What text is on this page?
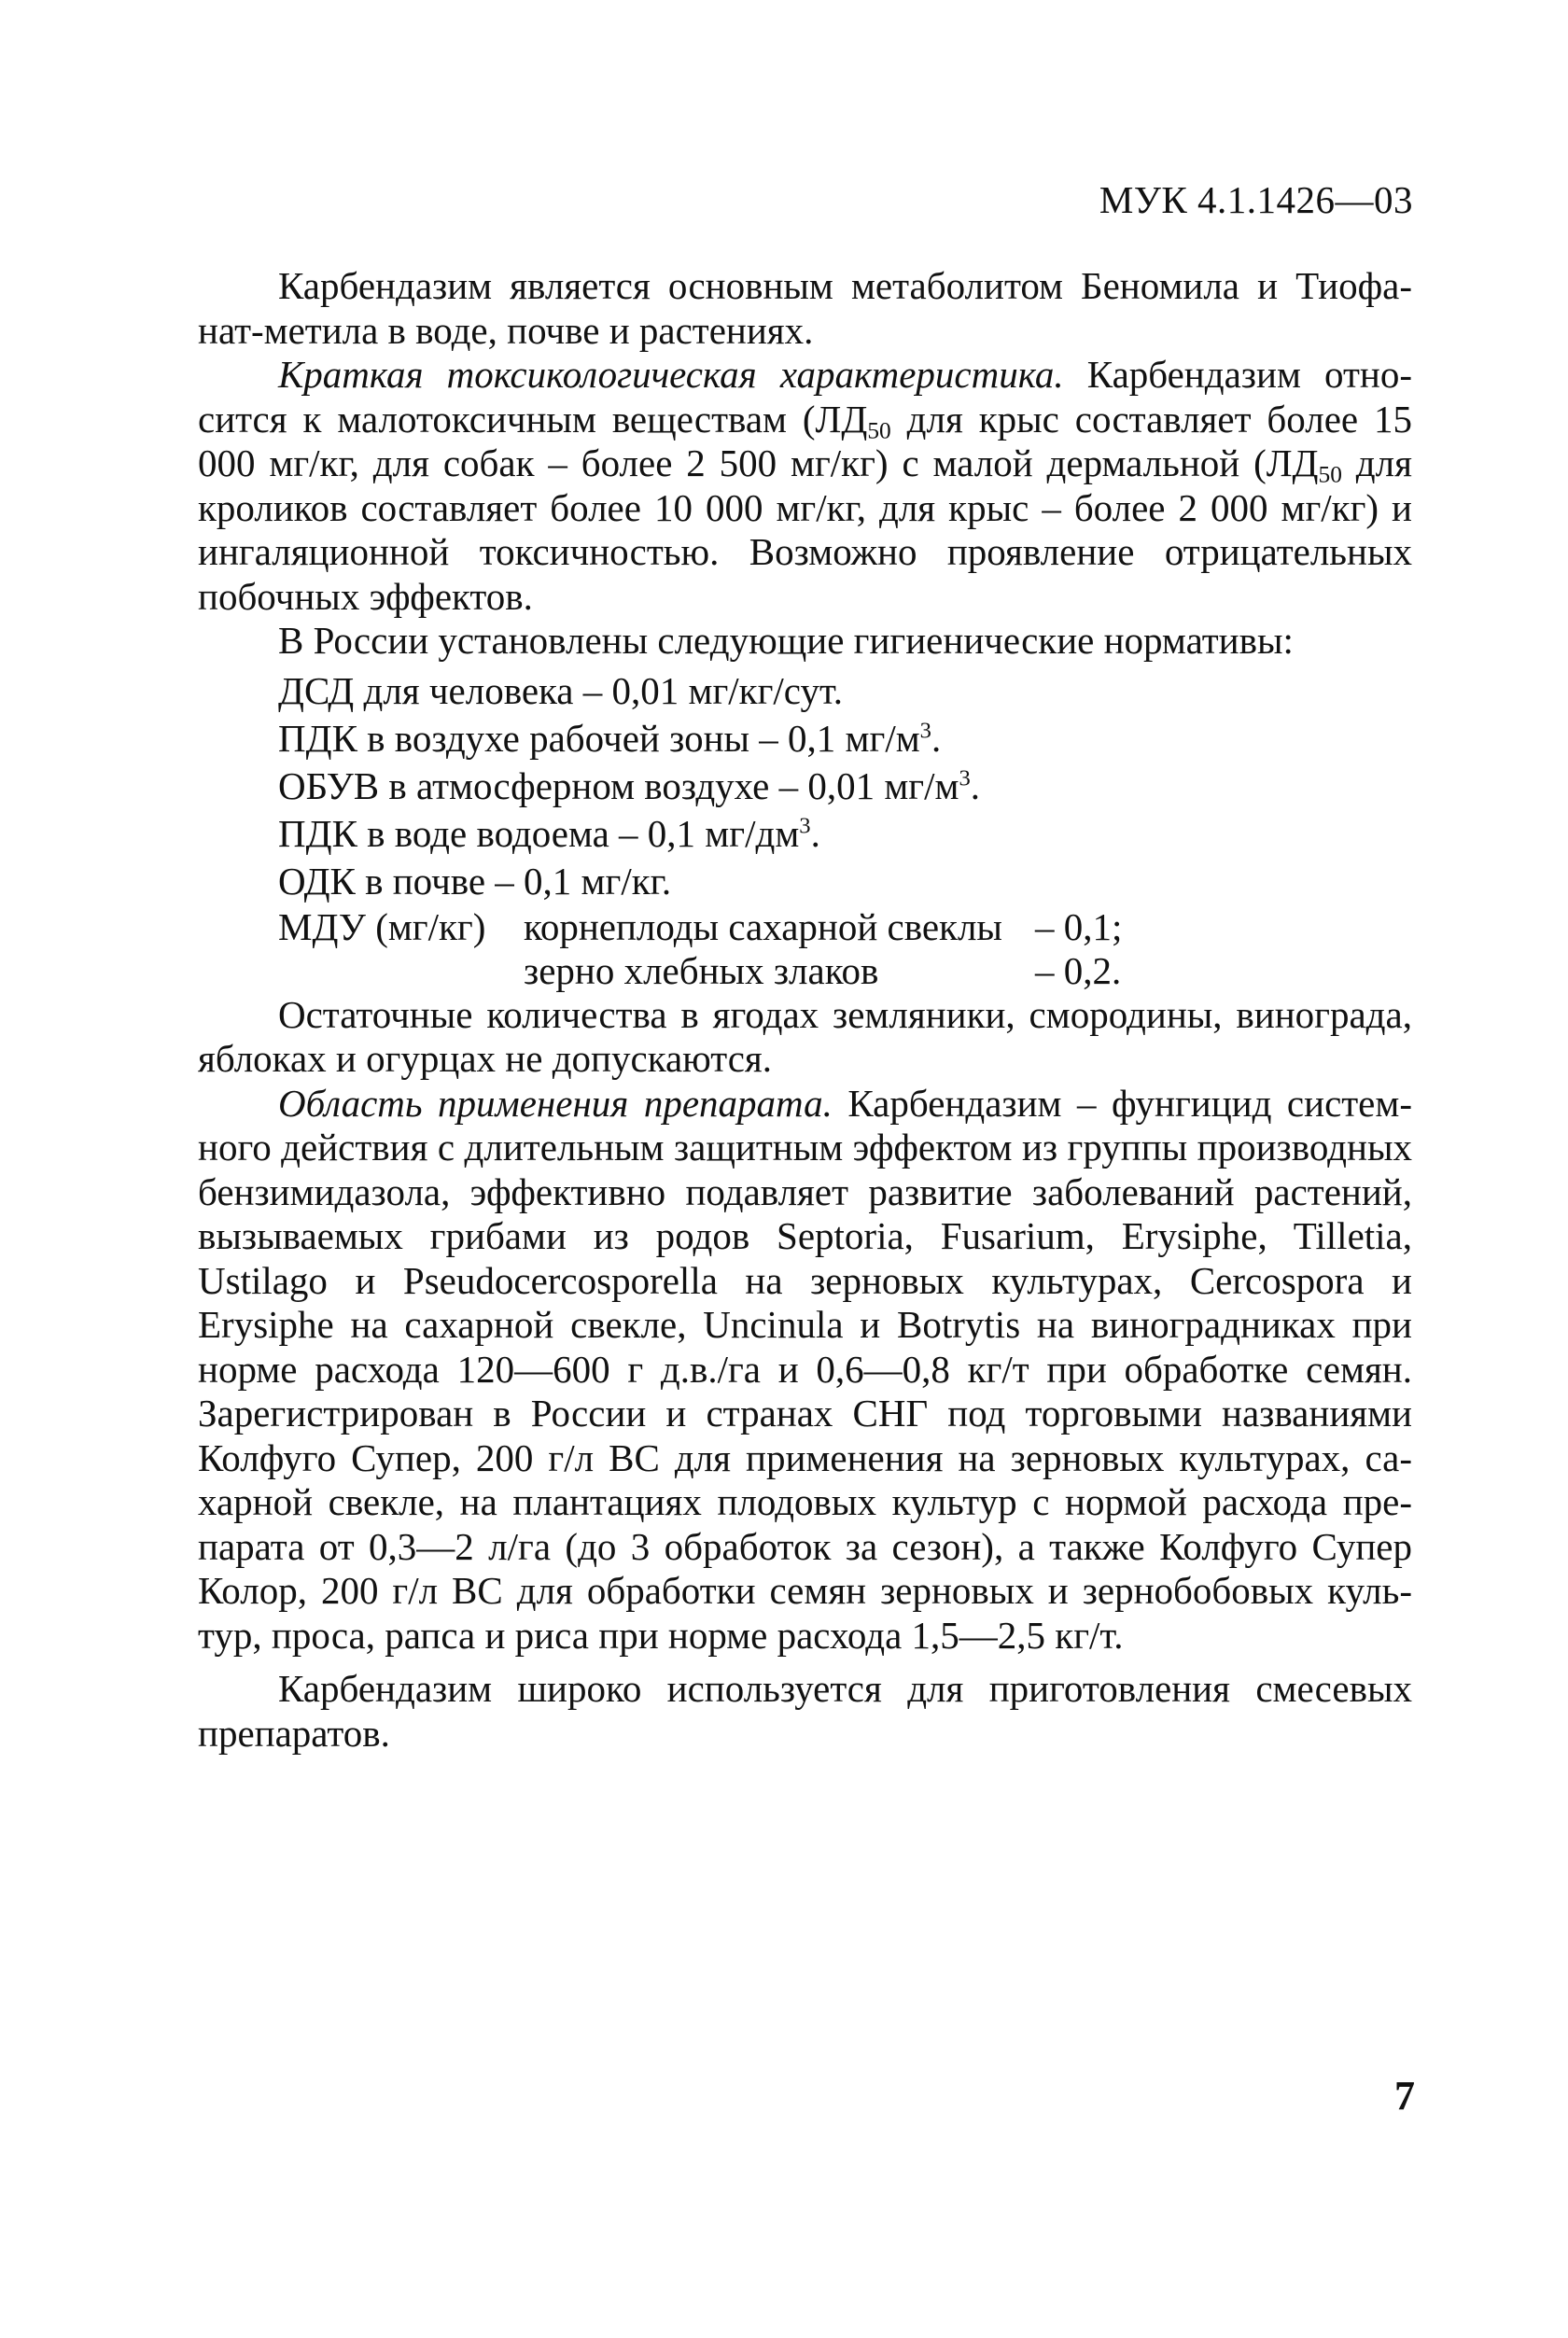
МУК 4.1.1426—03

Карбендазим является основным метаболитом Беномила и Тиофанат-метила в воде, почве и растениях.

Краткая токсикологическая характеристика. Карбендазим относится к малотоксичным веществам ($ЛД_{50}$ для крыс составляет более 15 000 мг/кг, для собак – более 2 500 мг/кг) с малой дермальной ($ЛД_{50}$ для кроликов составляет более 10 000 мг/кг, для крыс – более 2 000 мг/кг) и ингаляционной токсичностью. Возможно проявление отрицательных побочных эффектов.

В России установлены следующие гигиенические нормативы:

ДСД для человека – 0,01 мг/кг/сут.

ПДК в воздухе рабочей зоны – 0,1 $мг/м^3$.

ОБУВ в атмосферном воздухе – 0,01 $мг/м^3$.

ПДК в воде водоема – 0,1 $мг/дм^3$.

ОДК в почве – 0,1 мг/кг.

МДУ (мг/кг)	корнеплоды сахарной свеклы	– 0,1;
	зерно хлебных злаков	– 0,2.

Остаточные количества в ягодах земляники, смородины, винограда, яблоках и огурцах не допускаются.

Область применения препарата. Карбендазим – фунгицид системного действия с длительным защитным эффектом из группы производных бензимидазола, эффективно подавляет развитие заболеваний растений, вызываемых грибами из родов Septoria, Fusarium, Erysiphe, Tilletia, Ustilago и Pseudocercosporella на зерновых культурах, Cercospora и Erysiphe на сахарной свекле, Uncinula и Botrytis на виноградниках при норме расхода 120—600 г д.в./га и 0,6—0,8 кг/т при обработке семян. Зарегистрирован в России и странах СНГ под торговыми названиями Колфуго Супер, 200 г/л ВС для применения на зерновых культурах, сахарной свекле, на плантациях плодовых культур с нормой расхода препарата от 0,3—2 л/га (до 3 обработок за сезон), а также Колфуго Супер Колор, 200 г/л ВС для обработки семян зерновых и зернобобовых культур, проса, рапса и риса при норме расхода 1,5—2,5 кг/т.

Карбендазим широко используется для приготовления смесевых препаратов.

7
